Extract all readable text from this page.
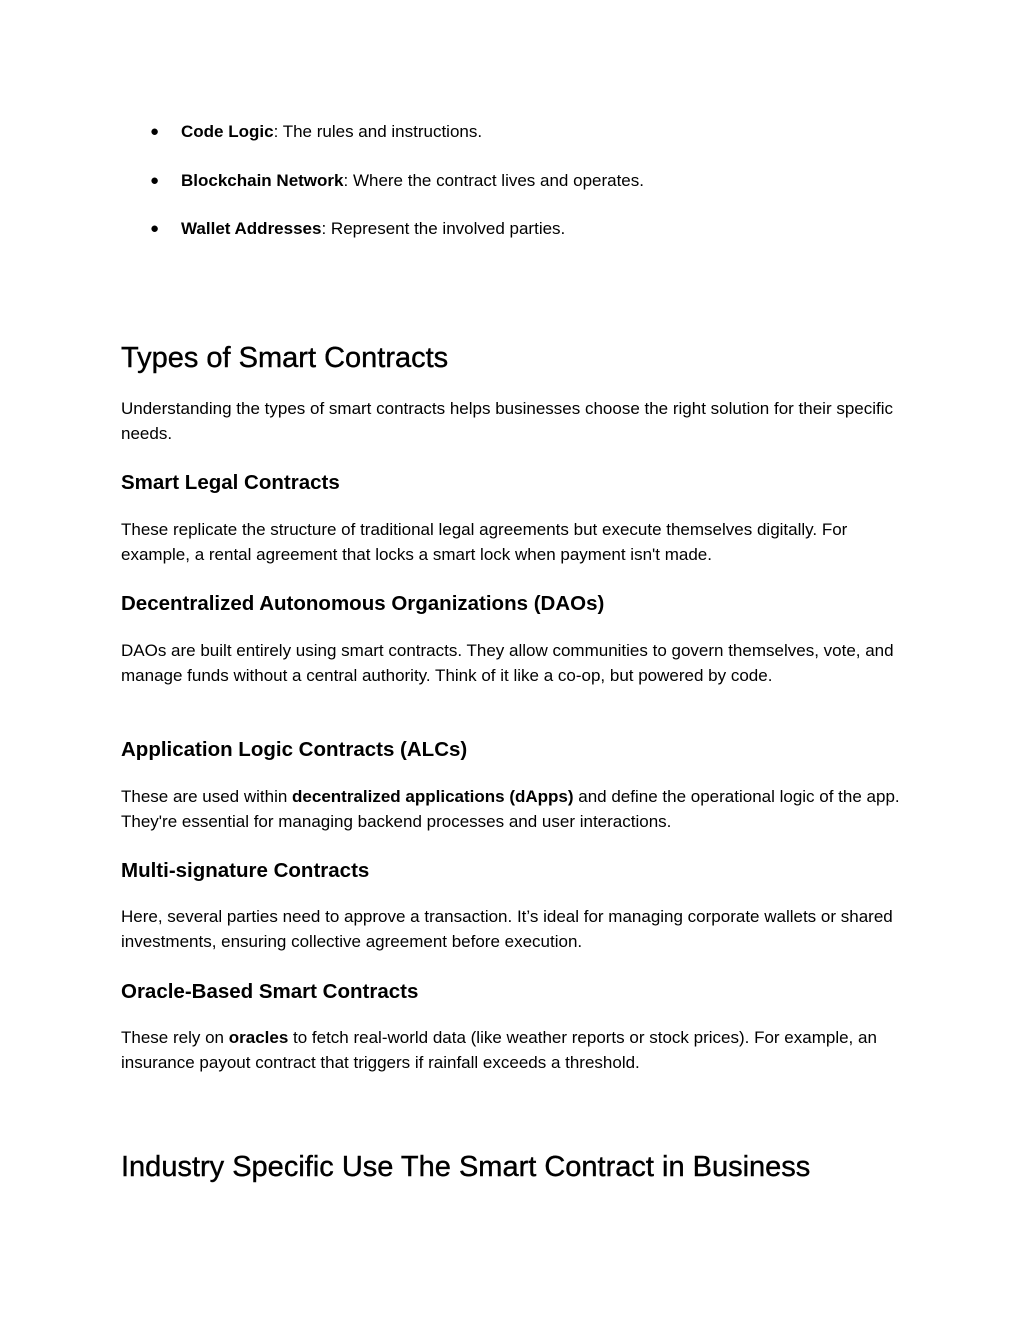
● Code Logic: The rules and instructions.
● Blockchain Network: Where the contract lives and operates.
● Wallet Addresses: Represent the involved parties.
Types of Smart Contracts

Understanding the types of smart contracts helps businesses choose the right solution for their specific needs.

Smart Legal Contracts

These replicate the structure of traditional legal agreements but execute themselves digitally. For example, a rental agreement that locks a smart lock when payment isn't made.

Decentralized Autonomous Organizations (DAOs)

DAOs are built entirely using smart contracts. They allow communities to govern themselves, vote, and manage funds without a central authority. Think of it like a co-op, but powered by code.

Application Logic Contracts (ALCs)

These are used within decentralized applications (dApps) and define the operational logic of the app. They're essential for managing backend processes and user interactions.

Multi-signature Contracts

Here, several parties need to approve a transaction. It’s ideal for managing corporate wallets or shared investments, ensuring collective agreement before execution.

Oracle-Based Smart Contracts

These rely on oracles to fetch real-world data (like weather reports or stock prices). For example, an insurance payout contract that triggers if rainfall exceeds a threshold.

Industry Specific Use The Smart Contract in Business
